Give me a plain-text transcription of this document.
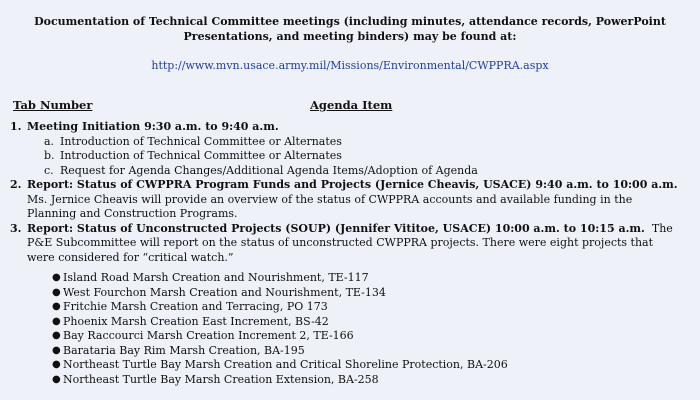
Documentation of Technical Committee meetings (including minutes, attendance records, PowerPoint Presentations, and meeting binders) may be found at:
http://www.mvn.usace.army.mil/Missions/Environmental/CWPPRA.aspx
Tab Number	Agenda Item
1. Meeting Initiation 9:30 a.m. to 9:40 a.m.
a. Introduction of Technical Committee or Alternates
b. Introduction of Technical Committee or Alternates
c. Request for Agenda Changes/Additional Agenda Items/Adoption of Agenda
2. Report: Status of CWPPRA Program Funds and Projects (Jernice Cheavis, USACE) 9:40 a.m. to 10:00 a.m.  Ms. Jernice Cheavis will provide an overview of the status of CWPPRA accounts and available funding in the Planning and Construction Programs.
3. Report: Status of Unconstructed Projects (SOUP) (Jennifer Vititoe, USACE) 10:00 a.m. to 10:15 a.m. The P&E Subcommittee will report on the status of unconstructed CWPPRA projects. There were eight projects that were considered for “critical watch.”
● Island Road Marsh Creation and Nourishment, TE-117
● West Fourchon Marsh Creation and Nourishment, TE-134
● Fritchie Marsh Creation and Terracing, PO 173
● Phoenix Marsh Creation East Increment, BS-42
● Bay Raccourci Marsh Creation Increment 2, TE-166
● Barataria Bay Rim Marsh Creation, BA-195
● Northeast Turtle Bay Marsh Creation and Critical Shoreline Protection, BA-206
● Northeast Turtle Bay Marsh Creation Extension, BA-258
